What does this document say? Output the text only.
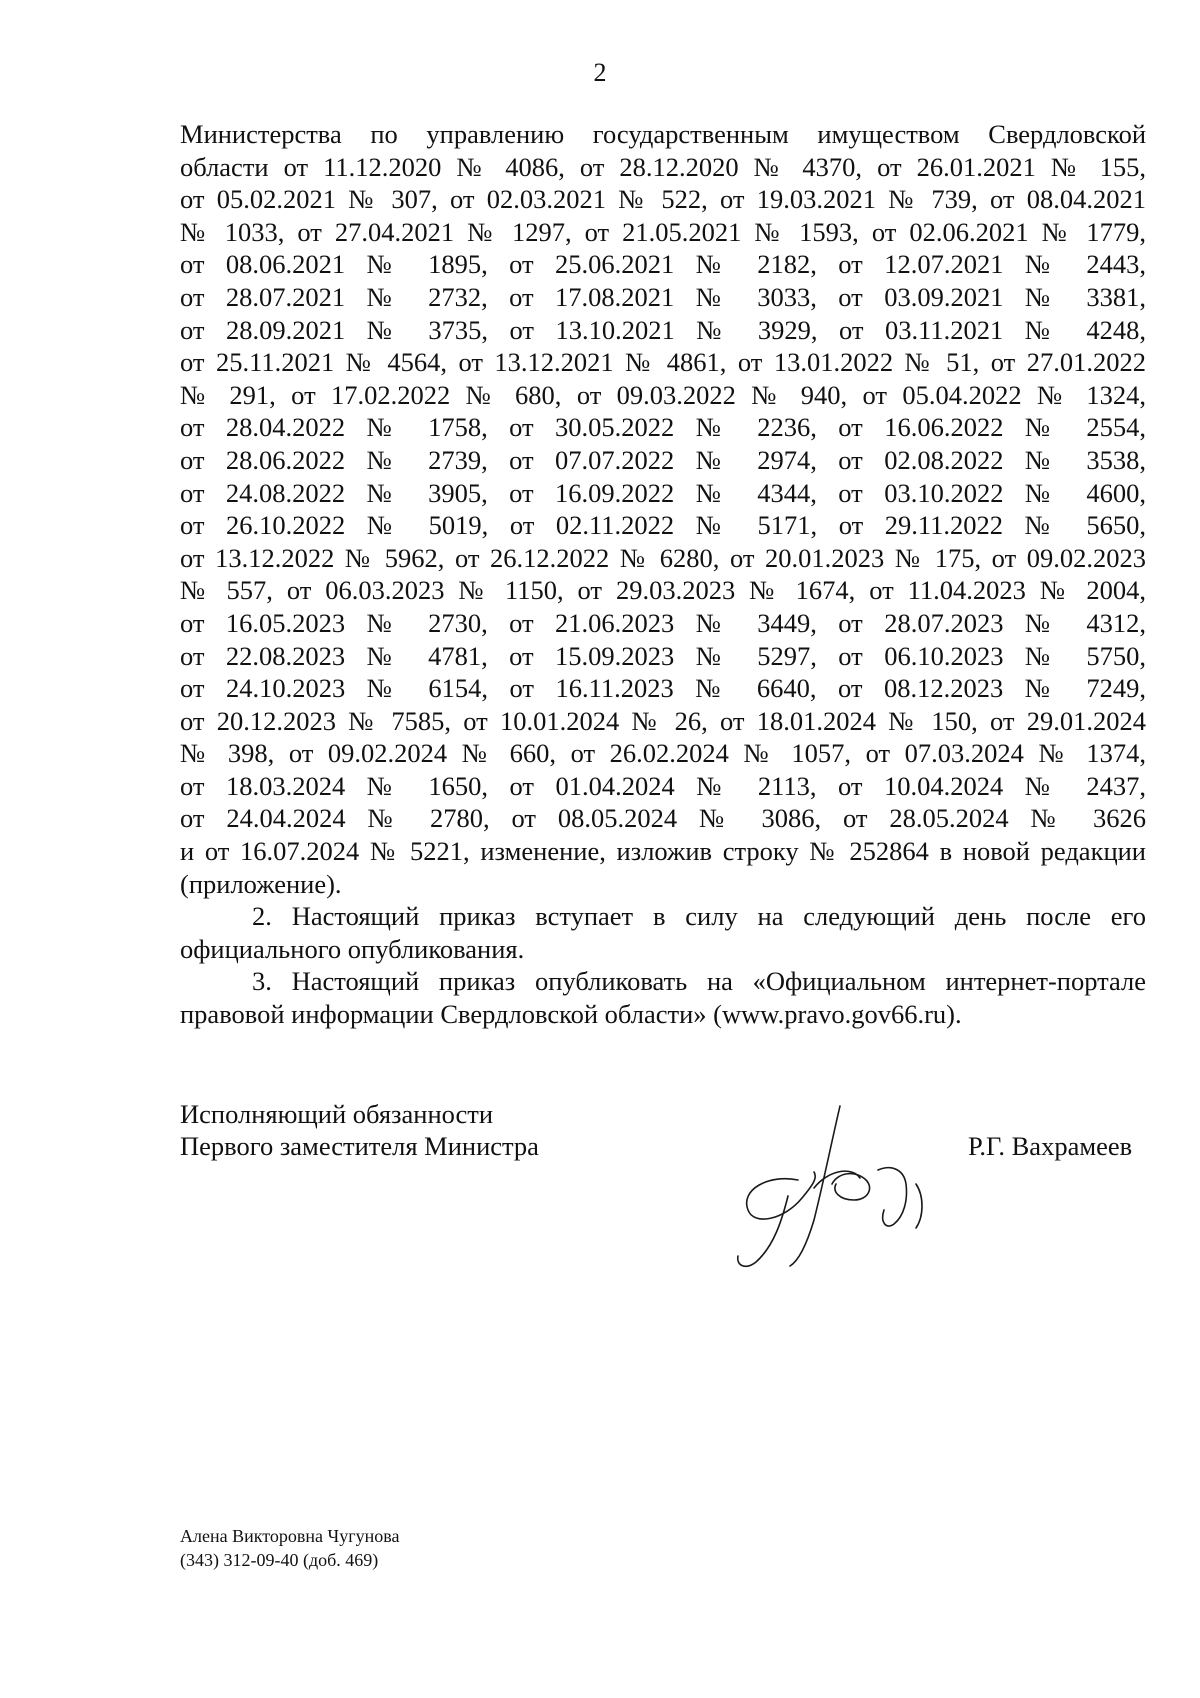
2
Министерства по управлению государственным имуществом Свердловской
области от 11.12.2020 № 4086, от 28.12.2020 № 4370, от 26.01.2021 № 155,
от 05.02.2021 № 307, от 02.03.2021 № 522, от 19.03.2021 № 739, от 08.04.2021
№ 1033, от 27.04.2021 № 1297, от 21.05.2021 № 1593, от 02.06.2021 № 1779,
от 08.06.2021 № 1895, от 25.06.2021 № 2182, от 12.07.2021 № 2443,
от 28.07.2021 № 2732, от 17.08.2021 № 3033, от 03.09.2021 № 3381,
от 28.09.2021 № 3735, от 13.10.2021 № 3929, от 03.11.2021 № 4248,
от 25.11.2021 № 4564, от 13.12.2021 № 4861, от 13.01.2022 № 51, от 27.01.2022
№ 291, от 17.02.2022 № 680, от 09.03.2022 № 940, от 05.04.2022 № 1324,
от 28.04.2022 № 1758, от 30.05.2022 № 2236, от 16.06.2022 № 2554,
от 28.06.2022 № 2739, от 07.07.2022 № 2974, от 02.08.2022 № 3538,
от 24.08.2022 № 3905, от 16.09.2022 № 4344, от 03.10.2022 № 4600,
от 26.10.2022 № 5019, от 02.11.2022 № 5171, от 29.11.2022 № 5650,
от 13.12.2022 № 5962, от 26.12.2022 № 6280, от 20.01.2023 № 175, от 09.02.2023
№ 557, от 06.03.2023 № 1150, от 29.03.2023 № 1674, от 11.04.2023 № 2004,
от 16.05.2023 № 2730, от 21.06.2023 № 3449, от 28.07.2023 № 4312,
от 22.08.2023 № 4781, от 15.09.2023 № 5297, от 06.10.2023 № 5750,
от 24.10.2023 № 6154, от 16.11.2023 № 6640, от 08.12.2023 № 7249,
от 20.12.2023 № 7585, от 10.01.2024 № 26, от 18.01.2024 № 150, от 29.01.2024
№ 398, от 09.02.2024 № 660, от 26.02.2024 № 1057, от 07.03.2024 № 1374,
от 18.03.2024 № 1650, от 01.04.2024 № 2113, от 10.04.2024 № 2437,
от 24.04.2024 № 2780, от 08.05.2024 № 3086, от 28.05.2024 № 3626
и от 16.07.2024 № 5221, изменение, изложив строку № 252864 в новой редакции
(приложение).

2. Настоящий приказ вступает в силу на следующий день после его официального опубликования.

3. Настоящий приказ опубликовать на «Официальном интернет-портале правовой информации Свердловской области» (www.pravo.gov66.ru).

Исполняющий обязанности
Первого заместителя Министра	Р.Г. Вахрамеев
Алена Викторовна Чугунова
(343) 312-09-40 (доб. 469)
